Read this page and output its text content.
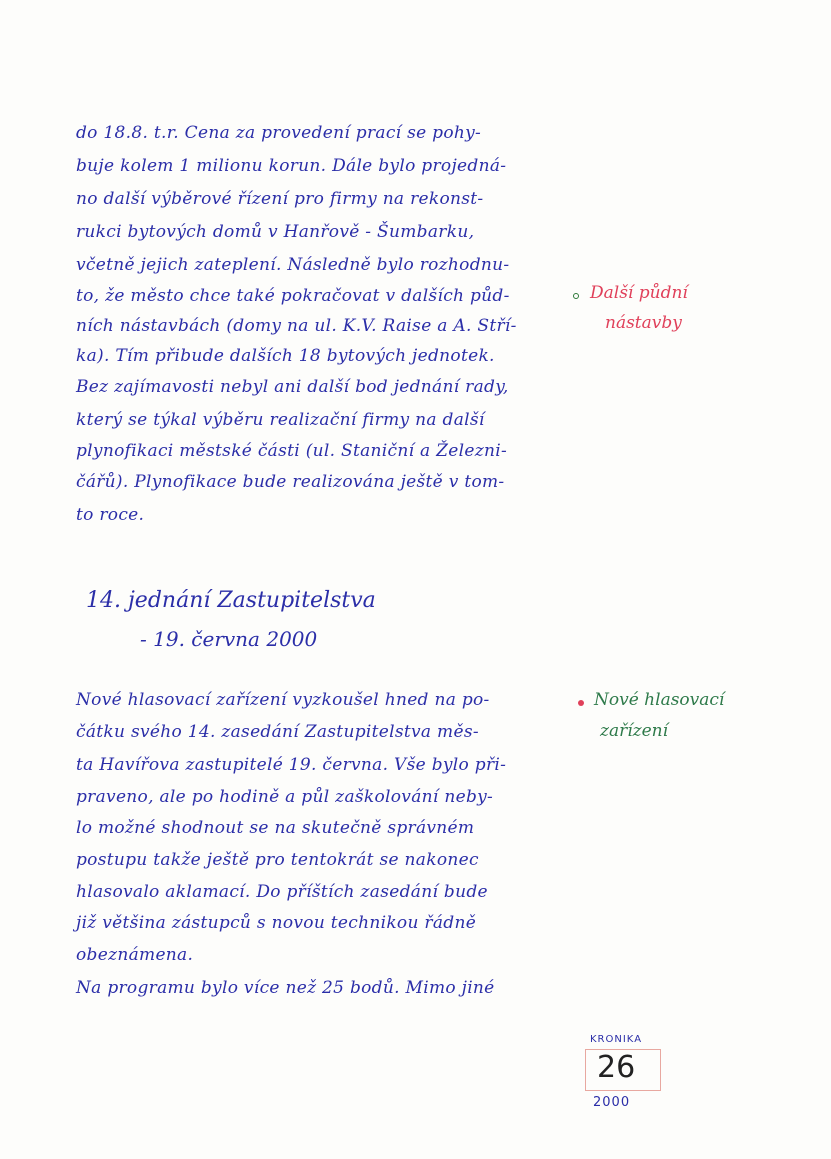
do 18.8. t.r. Cena za provedení prací se pohy-
buje kolem 1 milionu korun. Dále bylo projedná-
no další výběrové řízení pro firmy na rekonst-
rukci bytových domů v Hanřově - Šumbarku,
včetně jejich zateplení. Následně bylo rozhodnu-
to, že město chce také pokračovat v dalších půd-
ních nástavbách (domy na ul. K.V. Raise a A. Stří-
ka). Tím přibude dalších 18 bytových jednotek.
Bez zajímavosti nebyl ani další bod jednání rady,
který se týkal výběru realizační firmy na další
plynofikaci městské části (ul. Staniční a Železni-
čářů). Plynofikace bude realizována ještě v tom-
to roce.
Další půdní
nástavby
14. jednání Zastupitelstva
- 19. června 2000
Nové hlasovací zařízení vyzkoušel hned na po-
čátku svého 14. zasedání Zastupitelstva měs-
ta Havířova zastupitelé 19. června. Vše bylo při-
praveno, ale po hodině a půl zaškolování neby-
lo možné shodnout se na skutečně správném
postupu takže ještě pro tentokrát se nakonec
hlasovalo aklamací. Do příštích zasedání bude
již většina zástupců s novou technikou řádně
obeznámena.
Na programu bylo více než 25 bodů. Mimo jiné
Nové hlasovací
zařízení
KRONIKA
26
2000
